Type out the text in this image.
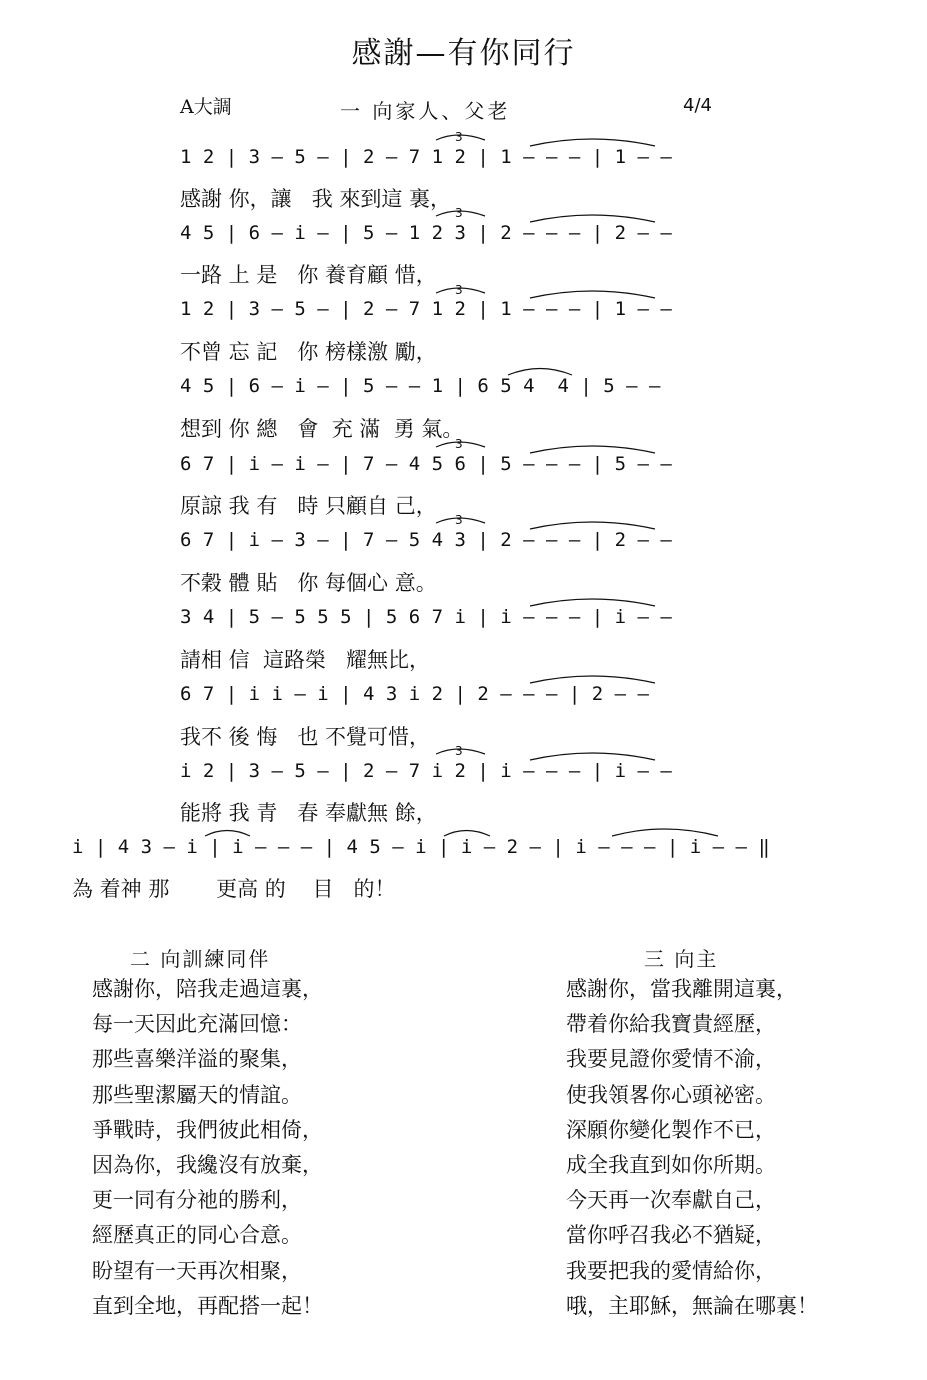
感謝—有你同行
A大調	一 向家人、父老	4/4
1 2 | 3 – 5 – | 2 – 7 1 2 | 1 – – – | 1 – –
感謝 你，讓   我 來到這 裏，
3
4 5 | 6 – i – | 5 – 1 2 3 | 2 – – – | 2 – –
一路 上 是   你 養育顧 惜，
3
1 2 | 3 – 5 – | 2 – 7 1 2 | 1 – – – | 1 – –
不曾 忘 記   你 榜樣激 勵，
3
4 5 | 6 – i – | 5 – – 1 | 6 5 4  4 | 5 – –
想到 你 總   會  充 滿  勇 氣。
6 7 | i – i – | 7 – 4 5 6 | 5 – – – | 5 – –
原諒 我 有   時 只顧自 己，
3
6 7 | i – 3 – | 7 – 5 4 3 | 2 – – – | 2 – –
不穀 體 貼   你 每個心 意。
3
3 4 | 5 – 5 5 5 | 5 6 7 i | i – – – | i – –
請相 信  這路榮   耀無比，
6 7 | i i – i | 4 3 i 2 | 2 – – – | 2 – –
我不 後 悔   也 不覺可惜，
i 2 | 3 – 5 – | 2 – 7 i 2 | i – – – | i – –
能將 我 青   春 奉獻無 餘，
3
i | 4 3 – i | i – – – | 4 5 – i | i – 2 – | i – – – | i – – ‖
為 着神 那       更高 的    目   的！
二 向訓練同伴
感謝你，陪我走過這裏，
每一天因此充滿回憶：
那些喜樂洋溢的聚集，
那些聖潔屬天的情誼。
爭戰時，我們彼此相倚，
因為你，我纔沒有放棄，
更一同有分祂的勝利，
經歷真正的同心合意。
盼望有一天再次相聚，
直到全地，再配搭一起！
三 向主
感謝你，當我離開這裏，
帶着你給我寶貴經歷，
我要見證你愛情不渝，
使我領畧你心頭祕密。
深願你變化製作不已，
成全我直到如你所期。
今天再一次奉獻自己，
當你呼召我必不猶疑，
我要把我的愛情給你，
哦，主耶穌，無論在哪裏！
